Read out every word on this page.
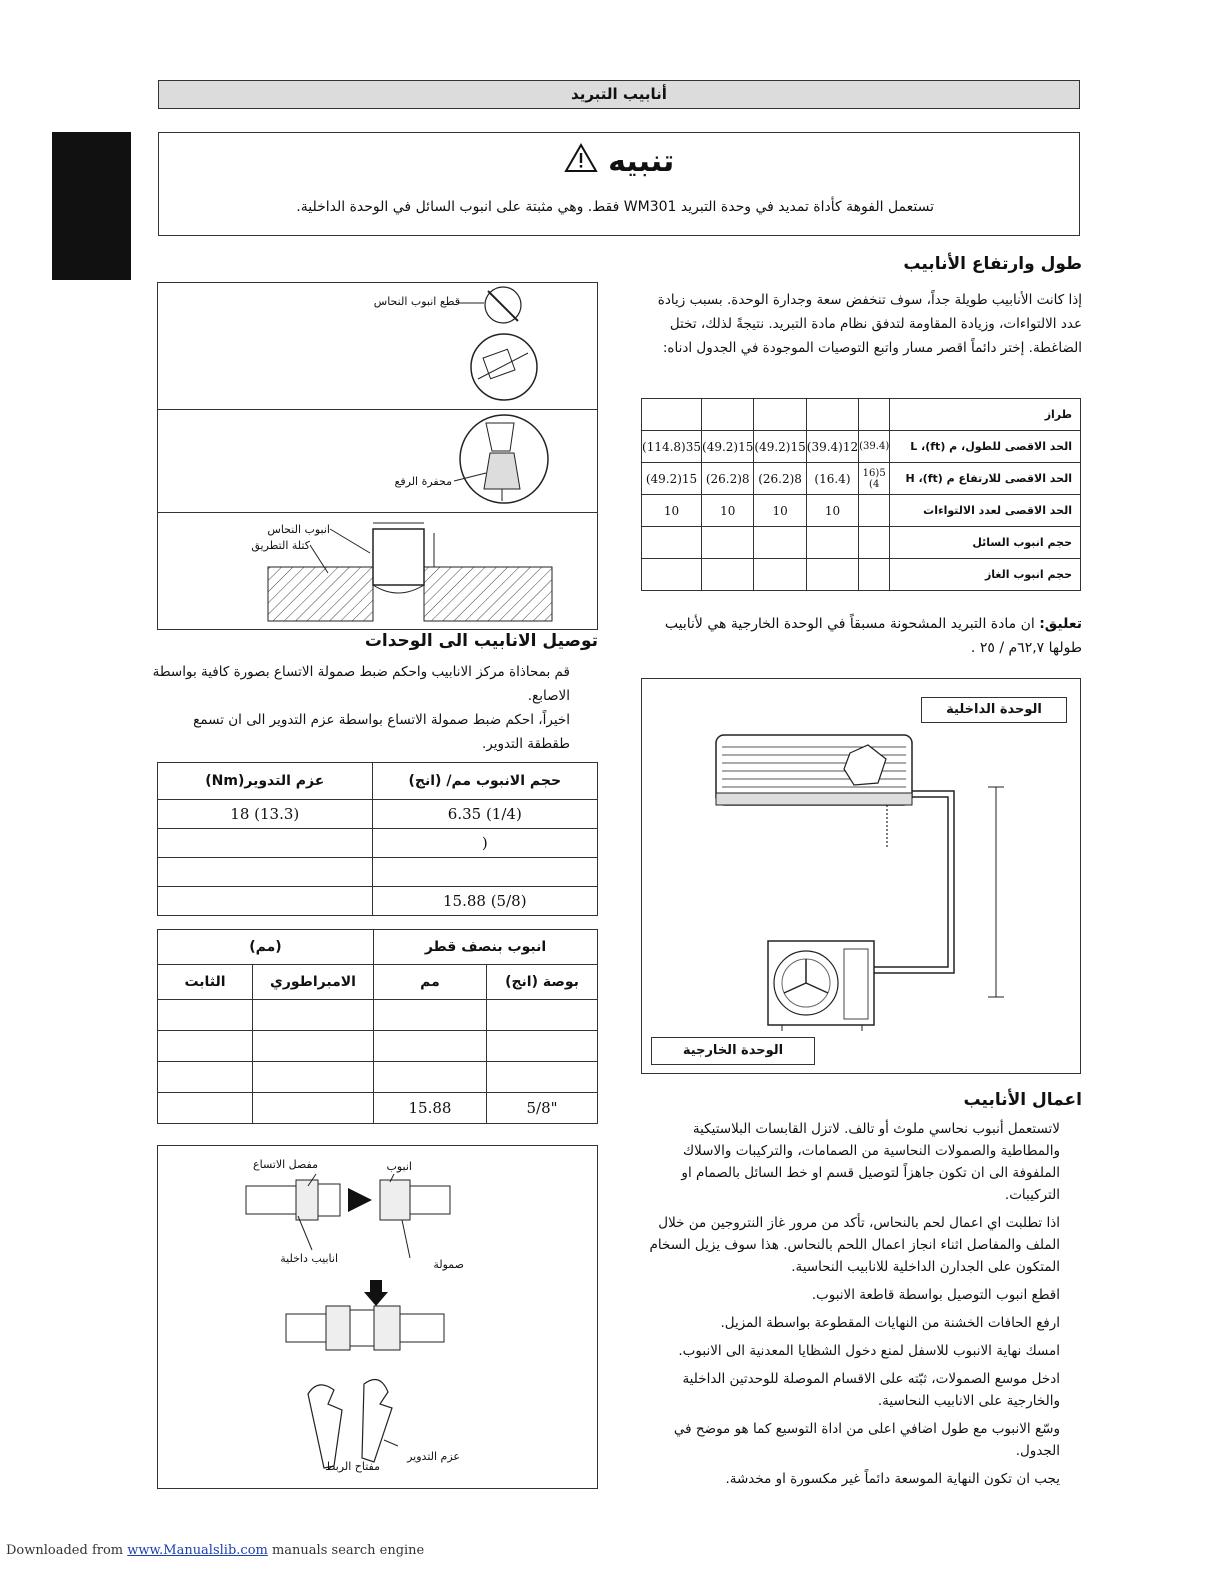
أنابيب التبريد
تنبيه
تستعمل الفوهة كأداة تمديد في وحدة التبريد WM301 فقط. وهي مثبتة على انبوب السائل في الوحدة الداخلية.
طول وارتفاع الأنابيب
إذا كانت الأنابيب طويلة جداً، سوف تنخفض سعة وجدارة الوحدة. بسبب زيادة عدد الالتواءات، وزيادة المقاومة لتدفق نظام مادة التبريد. نتيجةً لذلك، تختل الضاغطة. إختر دائماً اقصر مسار واتبع التوصيات الموجودة في الجدول ادناه:
طراز					
الحد الاقصى للطول، م (ft)، L	(39.4)	12(39.4)	15(49.2)	15(49.2)	35(114.8)
الحد الاقصى للارتفاع م (ft)، H	5(16 4)	(16.4)	8(26.2)	8(26.2)	15(49.2)
الحد الاقصى لعدد الالتواءات		10	10	10	10
حجم انبوب السائل					
حجم انبوب الغاز					
تعليق: ان مادة التبريد المشحونة مسبقاً في الوحدة الخارجية هي لأنابيب طولها ٦٢,٧م / ٢٥ .
الوحدة الداخلية
الوحدة الخارجية
اعمال الأنابيب
لاتستعمل أنبوب نحاسي ملوث أو تالف. لاتزل القابسات البلاستيكية والمطاطية والصمولات النحاسية من الصمامات، والتركيبات والاسلاك الملفوفة الى ان تكون جاهزاً لتوصيل قسم او خط السائل بالصمام او التركيبات.
اذا تطلبت اي اعمال لحم بالنحاس، تأكد من مرور غاز النتروجين من خلال الملف والمفاصل اثناء انجاز اعمال اللحم بالنحاس. هذا سوف يزيل السخام المتكون على الجدارن الداخلية للانابيب النحاسية.
اقطع انبوب التوصيل بواسطة قاطعة الانبوب.
ارفع الحافات الخشنة من النهايات المقطوعة بواسطة المزيل.
امسك نهاية الانبوب للاسفل لمنع دخول الشظايا المعدنية الى الانبوب.
ادخل موسع الصمولات، ثبّته على الاقسام الموصلة للوحدتين الداخلية والخارجية على الانابيب النحاسية.
وسّع الانبوب مع طول اضافي اعلى من اداة التوسيع كما هو موضح في الجدول.
يجب ان تكون النهاية الموسعة دائماً غير مكسورة او مخدشة.
قطع انبوب النحاس
محفرة الرفع
انبوب النحاس
كتلة التطريق
توصيل الانابيب الى الوحدات
قم بمحاذاة مركز الانابيب واحكم ضبط صمولة الاتساع بصورة كافية بواسطة الاصابع.
اخيراً، احكم ضبط صمولة الاتساع بواسطة عزم التدوير الى ان تسمع طقطقة التدوير.
عزم التدوير(Nm)	حجم الانبوب مم/ (انج)
18 (13.3)	6.35 (1/4)
	)

	15.88 (5/8)
(مم)		انبوب بنصف قطر	
الثابت	الامبراطوري	مم	بوصة (انج)

		15.88	5/8"
مفصل الاتساع	انبوب
انابيب داخلية	صمولة
عزم التدوير
مفتاح الربط
Downloaded from www.Manualslib.com manuals search engine
